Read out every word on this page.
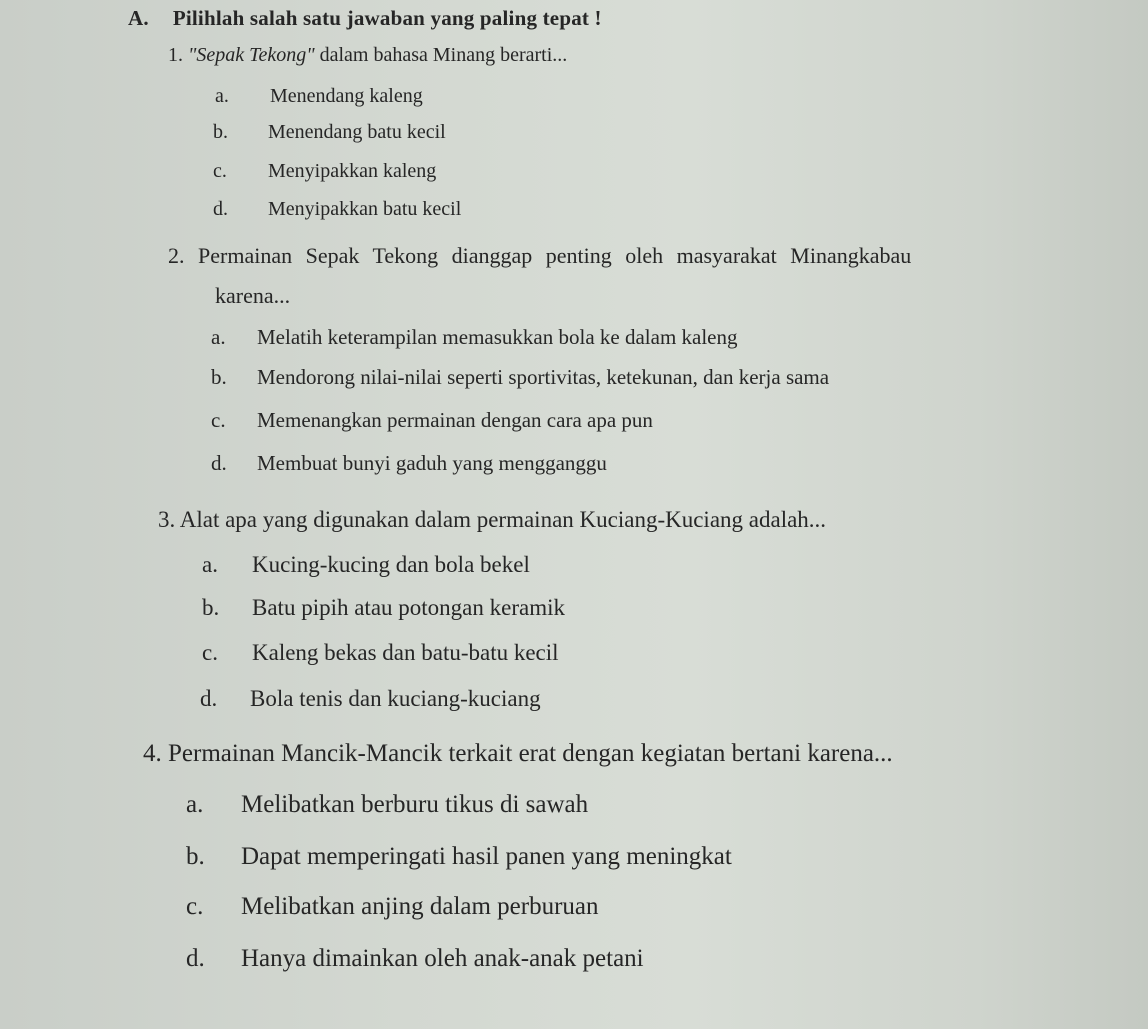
A. Pilihlah salah satu jawaban yang paling tepat !
1. "Sepak Tekong" dalam bahasa Minang berarti...
a. Menendang kaleng
b. Menendang batu kecil
c. Menyipakkan kaleng
d. Menyipakkan batu kecil
2. Permainan Sepak Tekong dianggap penting oleh masyarakat Minangkabau
karena...
a. Melatih keterampilan memasukkan bola ke dalam kaleng
b. Mendorong nilai-nilai seperti sportivitas, ketekunan, dan kerja sama
c. Memenangkan permainan dengan cara apa pun
d. Membuat bunyi gaduh yang mengganggu
3. Alat apa yang digunakan dalam permainan Kuciang-Kuciang adalah...
a. Kucing-kucing dan bola bekel
b. Batu pipih atau potongan keramik
c. Kaleng bekas dan batu-batu kecil
d. Bola tenis dan kuciang-kuciang
4. Permainan Mancik-Mancik terkait erat dengan kegiatan bertani karena...
a. Melibatkan berburu tikus di sawah
b. Dapat memperingati hasil panen yang meningkat
c. Melibatkan anjing dalam perburuan
d. Hanya dimainkan oleh anak-anak petani
